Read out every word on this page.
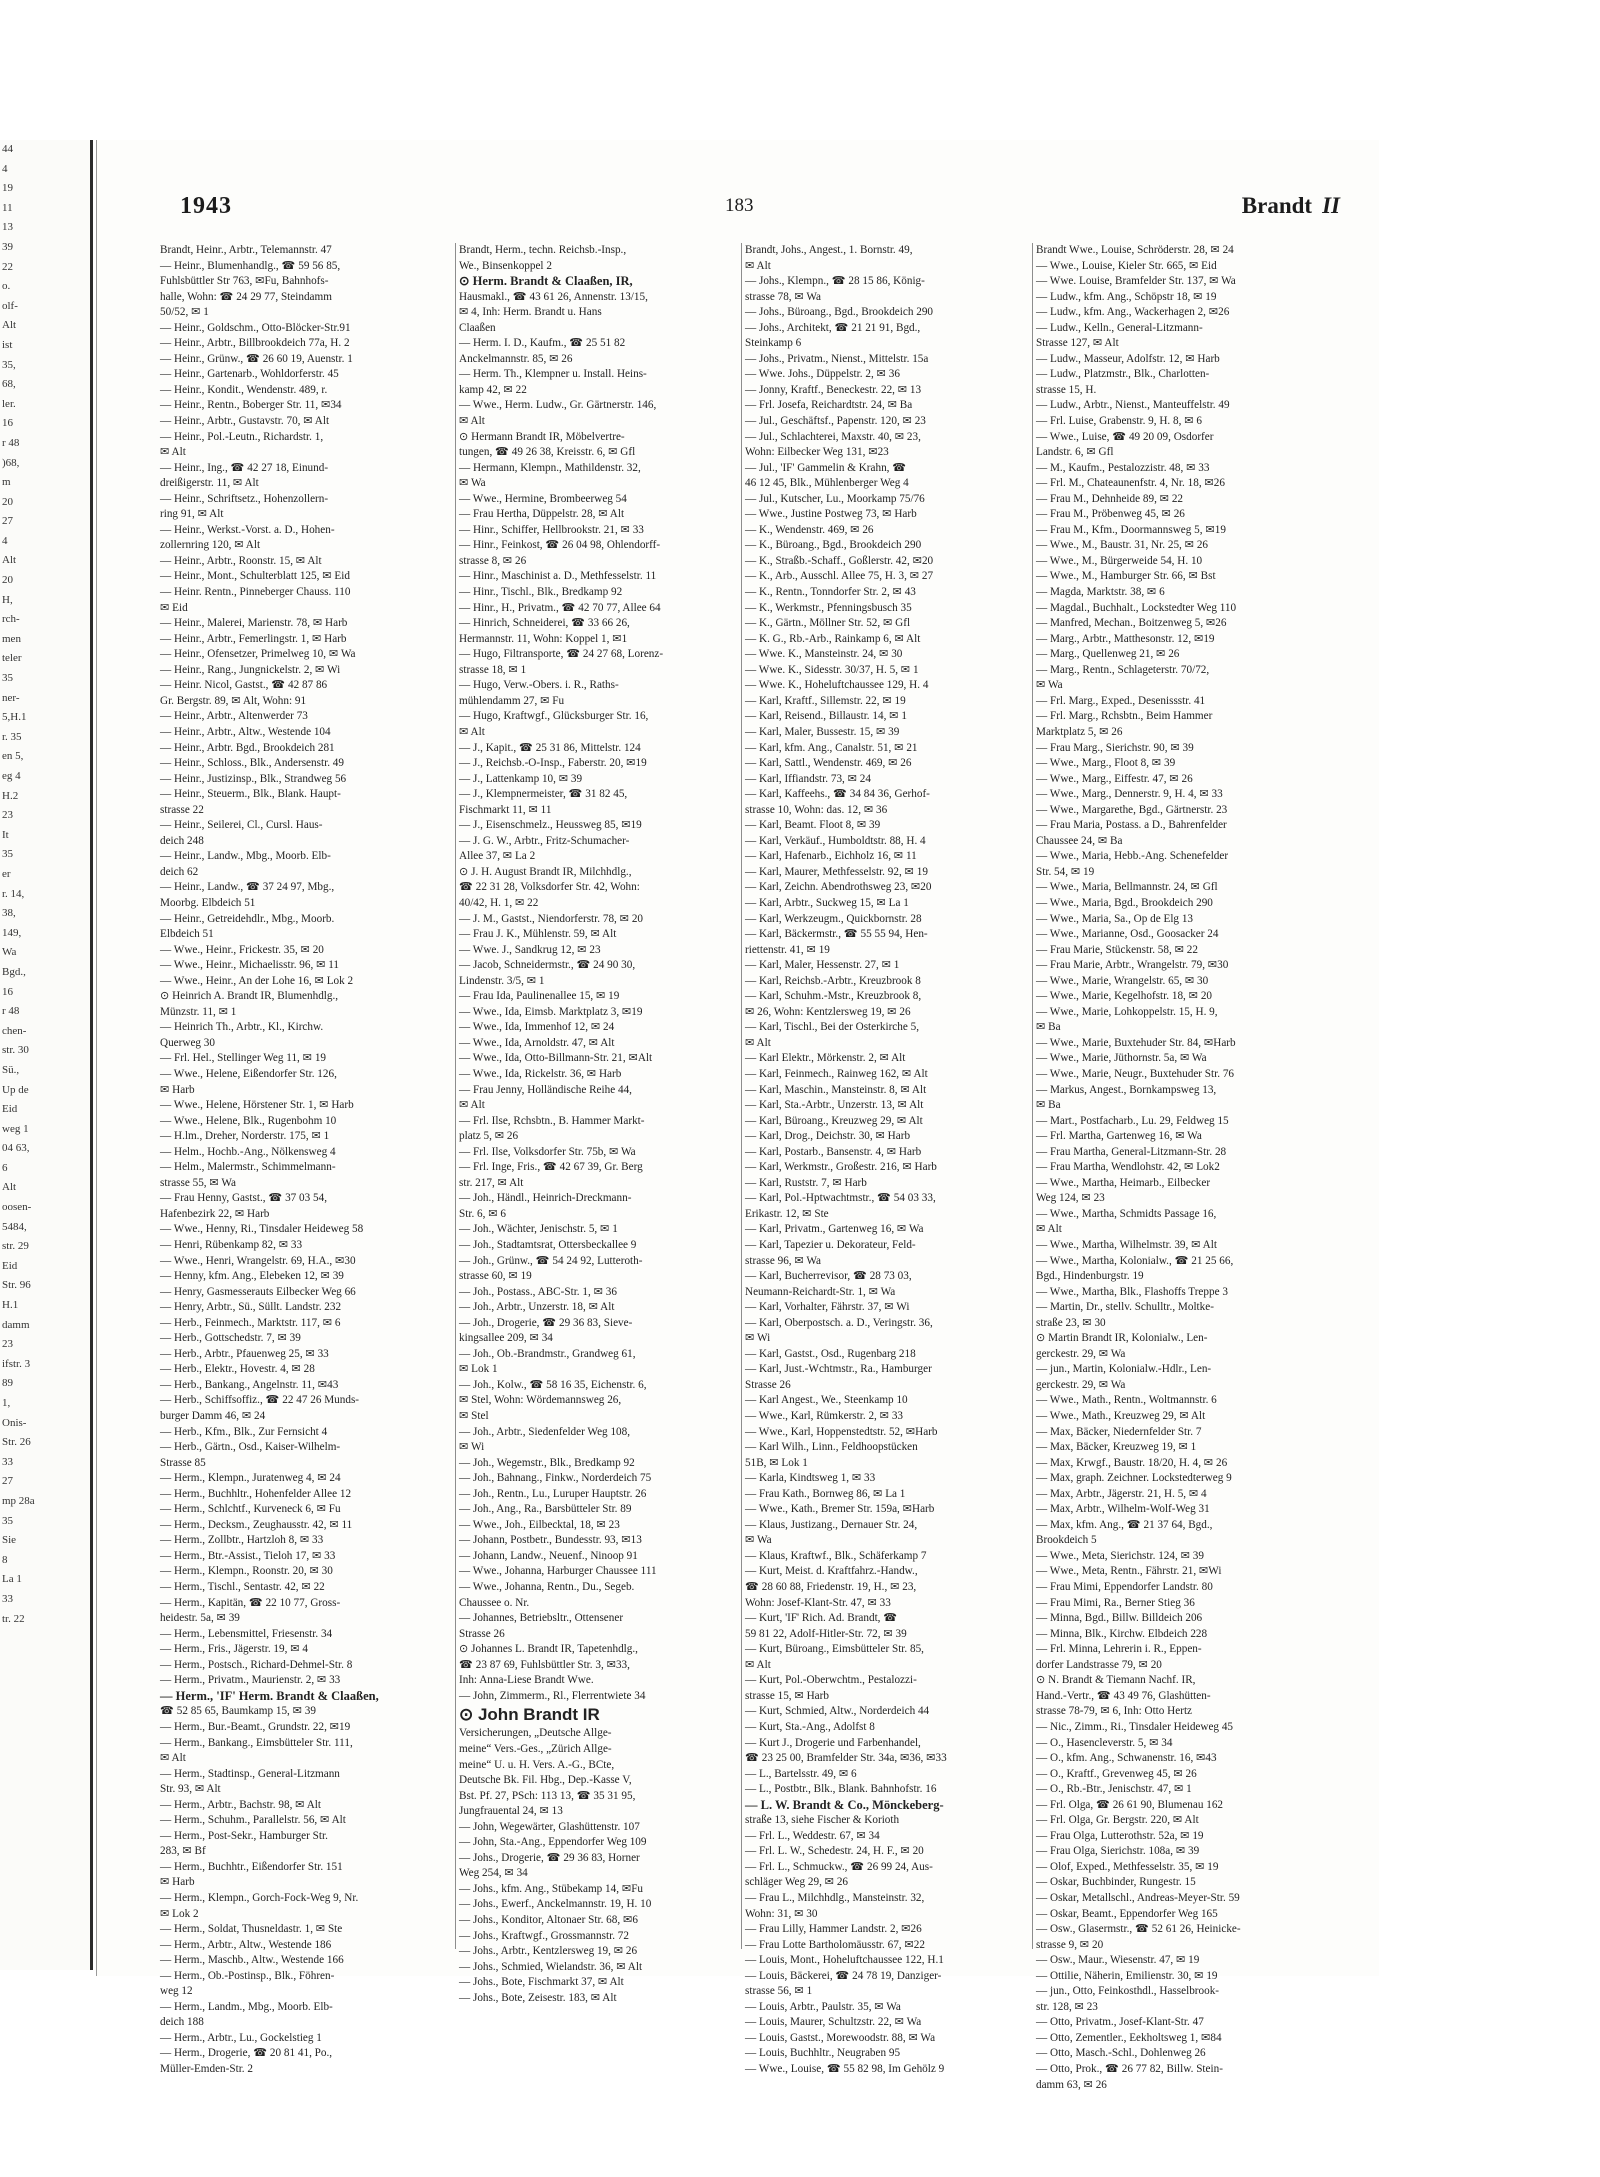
44
4
19
11
13
39
22
o.
olf-
Alt
ist
35,
68,
ler.
16
r 48
)68,
m
20
27
4
Alt
20
H,
rch-
men
teler
35
ner-
5,H.1
r. 35
en 5,
eg 4
H.2
23
It
35
er
r. 14,
38,
149,
Wa
Bgd.,
16
r 48
chen-
str. 30
Sü.,
Up de
Eid
weg 1
04 63,
6
Alt
oosen-
5484,
str. 29
Eid
Str. 96
H.1
damm
23
ifstr. 3
89
1,
Onis-
Str. 26
33
27
mp 28a
35
Sie
8
La 1
33
tr. 22
1943	183	Brandt II
Brandt, Heinr., Arbtr., Telemannstr. 47
— Heinr., Blumenhandlg., ☎ 59 56 85,
Fuhlsbüttler Str 763, ✉Fu, Bahnhofs-
halle, Wohn: ☎ 24 29 77, Steindamm
50/52, ✉ 1
— Heinr., Goldschm., Otto-Blöcker-Str.91
— Heinr., Arbtr., Billbrookdeich 77a, H. 2
— Heinr., Grünw., ☎ 26 60 19, Auenstr. 1
— Heinr., Gartenarb., Wohldorferstr. 45
— Heinr., Kondit., Wendenstr. 489, r.
— Heinr., Rentn., Boberger Str. 11, ✉34
— Heinr., Arbtr., Gustavstr. 70, ✉ Alt
— Heinr., Pol.-Leutn., Richardstr. 1,
✉ Alt
— Heinr., Ing., ☎ 42 27 18, Einund-
dreißigerstr. 11, ✉ Alt
— Heinr., Schriftsetz., Hohenzollern-
ring 91, ✉ Alt
— Heinr., Werkst.-Vorst. a. D., Hohen-
zollernring 120, ✉ Alt
— Heinr., Arbtr., Roonstr. 15, ✉ Alt
— Heinr., Mont., Schulterblatt 125, ✉ Eid
— Heinr. Rentn., Pinneberger Chauss. 110
✉ Eid
— Heinr., Malerei, Marienstr. 78, ✉ Harb
— Heinr., Arbtr., Femerlingstr. 1, ✉ Harb
— Heinr., Ofensetzer, Primelweg 10, ✉ Wa
— Heinr., Rang., Jungnickelstr. 2, ✉ Wi
— Heinr. Nicol, Gastst., ☎ 42 87 86
Gr. Bergstr. 89, ✉ Alt, Wohn: 91
— Heinr., Arbtr., Altenwerder 73
— Heinr., Arbtr., Altw., Westende 104
— Heinr., Arbtr. Bgd., Brookdeich 281
— Heinr., Schloss., Blk., Andersenstr. 49
— Heinr., Justizinsp., Blk., Strandweg 56
— Heinr., Steuerm., Blk., Blank. Haupt-
strasse 22
— Heinr., Seilerei, Cl., Cursl. Haus-
deich 248
— Heinr., Landw., Mbg., Moorb. Elb-
deich 62
— Heinr., Landw., ☎ 37 24 97, Mbg.,
Moorbg. Elbdeich 51
— Heinr., Getreidehdlr., Mbg., Moorb.
Elbdeich 51
— Wwe., Heinr., Frickestr. 35, ✉ 20
— Wwe., Heinr., Michaelisstr. 96, ✉ 11
— Wwe., Heinr., An der Lohe 16, ✉ Lok 2
⊙ Heinrich A. Brandt IR, Blumenhdlg.,
Münzstr. 11, ✉ 1
— Heinrich Th., Arbtr., Kl., Kirchw.
Querweg 30
— Frl. Hel., Stellinger Weg 11, ✉ 19
— Wwe., Helene, Eißendorfer Str. 126,
✉ Harb
— Wwe., Helene, Hörstener Str. 1, ✉ Harb
— Wwe., Helene, Blk., Rugenbohm 10
— H.lm., Dreher, Norderstr. 175, ✉ 1
— Helm., Hochb.-Ang., Nölkensweg 4
— Helm., Malermstr., Schimmelmann-
strasse 55, ✉ Wa
— Frau Henny, Gastst., ☎ 37 03 54,
Hafenbezirk 22, ✉ Harb
— Wwe., Henny, Ri., Tinsdaler Heideweg 58
— Henri, Rübenkamp 82, ✉ 33
— Wwe., Henri, Wrangelstr. 69, H.A., ✉30
— Henny, kfm. Ang., Elebeken 12, ✉ 39
— Henry, Gasmesserauts Eilbecker Weg 66
— Henry, Arbtr., Sü., Süllt. Landstr. 232
— Herb., Feinmech., Marktstr. 117, ✉ 6
— Herb., Gottschedstr. 7, ✉ 39
— Herb., Arbtr., Pfauenweg 25, ✉ 33
— Herb., Elektr., Hovestr. 4, ✉ 28
— Herb., Bankang., Angelnstr. 11, ✉43
— Herb., Schiffsoffiz., ☎ 22 47 26 Munds-
burger Damm 46, ✉ 24
— Herb., Kfm., Blk., Zur Fernsicht 4
— Herb., Gärtn., Osd., Kaiser-Wilhelm-
Strasse 85
— Herm., Klempn., Juratenweg 4, ✉ 24
— Herm., Buchhltr., Hohenfelder Allee 12
— Herm., Schlchtf., Kurveneck 6, ✉ Fu
— Herm., Decksm., Zeughausstr. 42, ✉ 11
— Herm., Zollbtr., Hartzloh 8, ✉ 33
— Herm., Btr.-Assist., Tieloh 17, ✉ 33
— Herm., Klempn., Roonstr. 20, ✉ 30
— Herm., Tischl., Sentastr. 42, ✉ 22
— Herm., Kapitän, ☎ 22 10 77, Gross-
heidestr. 5a, ✉ 39
— Herm., Lebensmittel, Friesenstr. 34
— Herm., Fris., Jägerstr. 19, ✉ 4
— Herm., Postsch., Richard-Dehmel-Str. 8
— Herm., Privatm., Maurienstr. 2, ✉ 33
— Herm., 'IF' Herm. Brandt & Claaßen,
☎ 52 85 65, Baumkamp 15, ✉ 39
— Herm., Bur.-Beamt., Grundstr. 22, ✉19
— Herm., Bankang., Eimsbütteler Str. 111,
✉ Alt
— Herm., Stadtinsp., General-Litzmann
Str. 93, ✉ Alt
— Herm., Arbtr., Bachstr. 98, ✉ Alt
— Herm., Schuhm., Parallelstr. 56, ✉ Alt
— Herm., Post-Sekr., Hamburger Str.
283, ✉ Bf
— Herm., Buchhtr., Eißendorfer Str. 151
✉ Harb
— Herm., Klempn., Gorch-Fock-Weg 9, Nr.
✉ Lok 2
— Herm., Soldat, Thusneldastr. 1, ✉ Ste
— Herm., Arbtr., Altw., Westende 186
— Herm., Maschb., Altw., Westende 166
— Herm., Ob.-Postinsp., Blk., Föhren-
weg 12
— Herm., Landm., Mbg., Moorb. Elb-
deich 188
— Herm., Arbtr., Lu., Gockelstieg 1
— Herm., Drogerie, ☎ 20 81 41, Po.,
Müller-Emden-Str. 2
Brandt, Herm., techn. Reichsb.-Insp.,
We., Binsenkoppel 2
⊙ Herm. Brandt & Claaßen, IR,
Hausmakl., ☎ 43 61 26, Annenstr. 13/15,
✉ 4, Inh: Herm. Brandt u. Hans
Claaßen
— Herm. I. D., Kaufm., ☎ 25 51 82
Anckelmannstr. 85, ✉ 26
— Herm. Th., Klempner u. Install. Heins-
kamp 42, ✉ 22
— Wwe., Herm. Ludw., Gr. Gärtnerstr. 146,
✉ Alt
⊙ Hermann Brandt IR, Möbelvertre-
tungen, ☎ 49 26 38, Kreisstr. 6, ✉ Gfl
— Hermann, Klempn., Mathildenstr. 32,
✉ Wa
— Wwe., Hermine, Brombeerweg 54
— Frau Hertha, Düppelstr. 28, ✉ Alt
— Hinr., Schiffer, Hellbrookstr. 21, ✉ 33
— Hinr., Feinkost, ☎ 26 04 98, Ohlendorff-
strasse 8, ✉ 26
— Hinr., Maschinist a. D., Methfesselstr. 11
— Hinr., Tischl., Blk., Bredkamp 92
— Hinr., H., Privatm., ☎ 42 70 77, Allee 64
— Hinrich, Schneiderei, ☎ 33 66 26,
Hermannstr. 11, Wohn: Koppel 1, ✉1
— Hugo, Filtransporte, ☎ 24 27 68, Lorenz-
strasse 18, ✉ 1
— Hugo, Verw.-Obers. i. R., Raths-
mühlendamm 27, ✉ Fu
— Hugo, Kraftwgf., Glücksburger Str. 16,
✉ Alt
— J., Kapit., ☎ 25 31 86, Mittelstr. 124
— J., Reichsb.-O-Insp., Faberstr. 20, ✉19
— J., Lattenkamp 10, ✉ 39
— J., Klempnermeister, ☎ 31 82 45,
Fischmarkt 11, ✉ 11
— J., Eisenschmelz., Heussweg 85, ✉19
— J. G. W., Arbtr., Fritz-Schumacher-
Allee 37, ✉ La 2
⊙ J. H. August Brandt IR, Milchhdlg.,
☎ 22 31 28, Volksdorfer Str. 42, Wohn:
40/42, H. 1, ✉ 22
— J. M., Gastst., Niendorferstr. 78, ✉ 20
— Frau J. K., Mühlenstr. 59, ✉ Alt
— Wwe. J., Sandkrug 12, ✉ 23
— Jacob, Schneidermstr., ☎ 24 90 30,
Lindenstr. 3/5, ✉ 1
— Frau Ida, Paulinenallee 15, ✉ 19
— Wwe., Ida, Eimsb. Marktplatz 3, ✉19
— Wwe., Ida, Immenhof 12, ✉ 24
— Wwe., Ida, Arnoldstr. 47, ✉ Alt
— Wwe., Ida, Otto-Billmann-Str. 21, ✉Alt
— Wwe., Ida, Rickelstr. 36, ✉ Harb
— Frau Jenny, Holländische Reihe 44,
✉ Alt
— Frl. Ilse, Rchsbtn., B. Hammer Markt-
platz 5, ✉ 26
— Frl. Ilse, Volksdorfer Str. 75b, ✉ Wa
— Frl. Inge, Fris., ☎ 42 67 39, Gr. Berg
str. 217, ✉ Alt
— Joh., Händl., Heinrich-Dreckmann-
Str. 6, ✉ 6
— Joh., Wächter, Jenischstr. 5, ✉ 1
— Joh., Stadtamtsrat, Ottersbeckallee 9
— Joh., Grünw., ☎ 54 24 92, Lutteroth-
strasse 60, ✉ 19
— Joh., Postass., ABC-Str. 1, ✉ 36
— Joh., Arbtr., Unzerstr. 18, ✉ Alt
— Joh., Drogerie, ☎ 29 36 83, Sieve-
kingsallee 209, ✉ 34
— Joh., Ob.-Brandmstr., Grandweg 61,
✉ Lok 1
— Joh., Kolw., ☎ 58 16 35, Eichenstr. 6,
✉ Stel, Wohn: Wördemannsweg 26,
✉ Stel
— Joh., Arbtr., Siedenfelder Weg 108,
✉ Wi
— Joh., Wegemstr., Blk., Bredkamp 92
— Joh., Bahnang., Finkw., Norderdeich 75
— Joh., Rentn., Lu., Luruper Hauptstr. 26
— Joh., Ang., Ra., Barsbütteler Str. 89
— Wwe., Joh., Eilbecktal, 18, ✉ 23
— Johann, Postbetr., Bundesstr. 93, ✉13
— Johann, Landw., Neuenf., Ninoop 91
— Wwe., Johanna, Harburger Chaussee 111
— Wwe., Johanna, Rentn., Du., Segeb.
Chaussee o. Nr.
— Johannes, Betriebsltr., Ottensener
Strasse 26
⊙ Johannes L. Brandt IR, Tapetenhdlg.,
☎ 23 87 69, Fuhlsbüttler Str. 3, ✉33,
Inh: Anna-Liese Brandt Wwe.
— John, Zimmerm., Rl., Flerrentwiete 34
⊙ John Brandt IR
Versicherungen, „Deutsche Allge-
meine“ Vers.-Ges., „Zürich Allge-
meine“ U. u. H. Vers. A.-G., BCte,
Deutsche Bk. Fil. Hbg., Dep.-Kasse V,
Bst. Pf. 27, PSch: 113 13, ☎ 35 31 95,
Jungfrauental 24, ✉ 13
— John, Wegewärter, Glashüttenstr. 107
— John, Sta.-Ang., Eppendorfer Weg 109
— Johs., Drogerie, ☎ 29 36 83, Horner
Weg 254, ✉ 34
— Johs., kfm. Ang., Stübekamp 14, ✉Fu
— Johs., Ewerf., Anckelmannstr. 19, H. 10
— Johs., Konditor, Altonaer Str. 68, ✉6
— Johs., Kraftwgf., Grossmannstr. 72
— Johs., Arbtr., Kentzlersweg 19, ✉ 26
— Johs., Schmied, Wielandstr. 36, ✉ Alt
— Johs., Bote, Fischmarkt 37, ✉ Alt
— Johs., Bote, Zeisestr. 183, ✉ Alt
Brandt, Johs., Angest., 1. Bornstr. 49,
✉ Alt
— Johs., Klempn., ☎ 28 15 86, König-
strasse 78, ✉ Wa
— Johs., Büroang., Bgd., Brookdeich 290
— Johs., Architekt, ☎ 21 21 91, Bgd.,
Steinkamp 6
— Johs., Privatm., Nienst., Mittelstr. 15a
— Wwe. Johs., Düppelstr. 2, ✉ 36
— Jonny, Kraftf., Beneckestr. 22, ✉ 13
— Frl. Josefa, Reichardtstr. 24, ✉ Ba
— Jul., Geschäftsf., Papenstr. 120, ✉ 23
— Jul., Schlachterei, Maxstr. 40, ✉ 23,
Wohn: Eilbecker Weg 131, ✉23
— Jul., 'IF' Gammelin & Krahn, ☎
46 12 45, Blk., Mühlenberger Weg 4
— Jul., Kutscher, Lu., Moorkamp 75/76
— Wwe., Justine Postweg 73, ✉ Harb
— K., Wendenstr. 469, ✉ 26
— K., Büroang., Bgd., Brookdeich 290
— K., Straßb.-Schaff., Goßlerstr. 42, ✉20
— K., Arb., Ausschl. Allee 75, H. 3, ✉ 27
— K., Rentn., Tonndorfer Str. 2, ✉ 43
— K., Werkmstr., Pfenningsbusch 35
— K., Gärtn., Möllner Str. 52, ✉ Gfl
— K. G., Rb.-Arb., Rainkamp 6, ✉ Alt
— Wwe. K., Mansteinstr. 24, ✉ 30
— Wwe. K., Sidesstr. 30/37, H. 5, ✉ 1
— Wwe. K., Hoheluftchaussee 129, H. 4
— Karl, Kraftf., Sillemstr. 22, ✉ 19
— Karl, Reisend., Billaustr. 14, ✉ 1
— Karl, Maler, Bussestr. 15, ✉ 39
— Karl, kfm. Ang., Canalstr. 51, ✉ 21
— Karl, Sattl., Wendenstr. 469, ✉ 26
— Karl, Iffiandstr. 73, ✉ 24
— Karl, Kaffeehs., ☎ 34 84 36, Gerhof-
strasse 10, Wohn: das. 12, ✉ 36
— Karl, Beamt. Floot 8, ✉ 39
— Karl, Verkäuf., Humboldtstr. 88, H. 4
— Karl, Hafenarb., Eichholz 16, ✉ 11
— Karl, Maurer, Methfesselstr. 92, ✉ 19
— Karl, Zeichn. Abendrothsweg 23, ✉20
— Karl, Arbtr., Suckweg 15, ✉ La 1
— Karl, Werkzeugm., Quickbornstr. 28
— Karl, Bäckermstr., ☎ 55 55 94, Hen-
riettenstr. 41, ✉ 19
— Karl, Maler, Hessenstr. 27, ✉ 1
— Karl, Reichsb.-Arbtr., Kreuzbrook 8
— Karl, Schuhm.-Mstr., Kreuzbrook 8,
✉ 26, Wohn: Kentzlersweg 19, ✉ 26
— Karl, Tischl., Bei der Osterkirche 5,
✉ Alt
— Karl Elektr., Mörkenstr. 2, ✉ Alt
— Karl, Feinmech., Rainweg 162, ✉ Alt
— Karl, Maschin., Mansteinstr. 8, ✉ Alt
— Karl, Sta.-Arbtr., Unzerstr. 13, ✉ Alt
— Karl, Büroang., Kreuzweg 29, ✉ Alt
— Karl, Drog., Deichstr. 30, ✉ Harb
— Karl, Postarb., Bansenstr. 4, ✉ Harb
— Karl, Werkmstr., Großestr. 216, ✉ Harb
— Karl, Ruststr. 7, ✉ Harb
— Karl, Pol.-Hptwachtmstr., ☎ 54 03 33,
Erikastr. 12, ✉ Ste
— Karl, Privatm., Gartenweg 16, ✉ Wa
— Karl, Tapezier u. Dekorateur, Feld-
strasse 96, ✉ Wa
— Karl, Bucherrevisor, ☎ 28 73 03,
Neumann-Reichardt-Str. 1, ✉ Wa
— Karl, Vorhalter, Fährstr. 37, ✉ Wi
— Karl, Oberpostsch. a. D., Veringstr. 36,
✉ Wi
— Karl, Gastst., Osd., Rugenbarg 218
— Karl, Just.-Wchtmstr., Ra., Hamburger
Strasse 26
— Karl Angest., We., Steenkamp 10
— Wwe., Karl, Rümkerstr. 2, ✉ 33
— Wwe., Karl, Hoppenstedtstr. 52, ✉Harb
— Karl Wilh., Linn., Feldhoopstücken
51B, ✉ Lok 1
— Karla, Kindtsweg 1, ✉ 33
— Frau Kath., Bornweg 86, ✉ La 1
— Wwe., Kath., Bremer Str. 159a, ✉Harb
— Klaus, Justizang., Dernauer Str. 24,
✉ Wa
— Klaus, Kraftwf., Blk., Schäferkamp 7
— Kurt, Meist. d. Kraftfahrz.-Handw.,
☎ 28 60 88, Friedenstr. 19, H., ✉ 23,
Wohn: Josef-Klant-Str. 47, ✉ 33
— Kurt, 'IF' Rich. Ad. Brandt, ☎
59 81 22, Adolf-Hitler-Str. 72, ✉ 39
— Kurt, Büroang., Eimsbütteler Str. 85,
✉ Alt
— Kurt, Pol.-Oberwchtm., Pestalozzi-
strasse 15, ✉ Harb
— Kurt, Schmied, Altw., Norderdeich 44
— Kurt, Sta.-Ang., Adolfst 8
— Kurt J., Drogerie und Farbenhandel,
☎ 23 25 00, Bramfelder Str. 34a, ✉36, ✉33
— L., Bartelsstr. 49, ✉ 6
— L., Postbtr., Blk., Blank. Bahnhofstr. 16
— L. W. Brandt & Co., Mönckeberg-
straße 13, siehe Fischer & Korioth
— Frl. L., Weddestr. 67, ✉ 34
— Frl. L. W., Schedestr. 24, H. F., ✉ 20
— Frl. L., Schmuckw., ☎ 26 99 24, Aus-
schläger Weg 29, ✉ 26
— Frau L., Milchhdlg., Mansteinstr. 32,
Wohn: 31, ✉ 30
— Frau Lilly, Hammer Landstr. 2, ✉26
— Frau Lotte Bartholomäusstr. 67, ✉22
— Louis, Mont., Hoheluftchaussee 122, H.1
— Louis, Bäckerei, ☎ 24 78 19, Danziger-
strasse 56, ✉ 1
— Louis, Arbtr., Paulstr. 35, ✉ Wa
— Louis, Maurer, Schultzstr. 22, ✉ Wa
— Louis, Gastst., Morewoodstr. 88, ✉ Wa
— Louis, Buchhltr., Neugraben 95
— Wwe., Louise, ☎ 55 82 98, Im Gehölz 9
Brandt Wwe., Louise, Schröderstr. 28, ✉ 24
— Wwe., Louise, Kieler Str. 665, ✉ Eid
— Wwe. Louise, Bramfelder Str. 137, ✉ Wa
— Ludw., kfm. Ang., Schöpstr 18, ✉ 19
— Ludw., kfm. Ang., Wackerhagen 2, ✉26
— Ludw., Kelln., General-Litzmann-
Strasse 127, ✉ Alt
— Ludw., Masseur, Adolfstr. 12, ✉ Harb
— Ludw., Platzmstr., Blk., Charlotten-
strasse 15, H.
— Ludw., Arbtr., Nienst., Manteuffelstr. 49
— Frl. Luise, Grabenstr. 9, H. 8, ✉ 6
— Wwe., Luise, ☎ 49 20 09, Osdorfer
Landstr. 6, ✉ Gfl
— M., Kaufm., Pestalozzistr. 48, ✉ 33
— Frl. M., Chateaunenfstr. 4, Nr. 18, ✉26
— Frau M., Dehnheide 89, ✉ 22
— Frau M., Pröbenweg 45, ✉ 26
— Frau M., Kfm., Doormannsweg 5, ✉19
— Wwe., M., Baustr. 31, Nr. 25, ✉ 26
— Wwe., M., Bürgerweide 54, H. 10
— Wwe., M., Hamburger Str. 66, ✉ Bst
— Magda, Marktstr. 38, ✉ 6
— Magdal., Buchhalt., Lockstedter Weg 110
— Manfred, Mechan., Boitzenweg 5, ✉26
— Marg., Arbtr., Matthesonstr. 12, ✉19
— Marg., Quellenweg 21, ✉ 26
— Marg., Rentn., Schlageterstr. 70/72,
✉ Wa
— Frl. Marg., Exped., Desenissstr. 41
— Frl. Marg., Rchsbtn., Beim Hammer
Marktplatz 5, ✉ 26
— Frau Marg., Sierichstr. 90, ✉ 39
— Wwe., Marg., Floot 8, ✉ 39
— Wwe., Marg., Eiffestr. 47, ✉ 26
— Wwe., Marg., Dennerstr. 9, H. 4, ✉ 33
— Wwe., Margarethe, Bgd., Gärtnerstr. 23
— Frau Maria, Postass. a D., Bahrenfelder
Chaussee 24, ✉ Ba
— Wwe., Maria, Hebb.-Ang. Schenefelder
Str. 54, ✉ 19
— Wwe., Maria, Bellmannstr. 24, ✉ Gfl
— Wwe., Maria, Bgd., Brookdeich 290
— Wwe., Maria, Sa., Op de Elg 13
— Wwe., Marianne, Osd., Goosacker 24
— Frau Marie, Stückenstr. 58, ✉ 22
— Frau Marie, Arbtr., Wrangelstr. 79, ✉30
— Wwe., Marie, Wrangelstr. 65, ✉ 30
— Wwe., Marie, Kegelhofstr. 18, ✉ 20
— Wwe., Marie, Lohkoppelstr. 15, H. 9,
✉ Ba
— Wwe., Marie, Buxtehuder Str. 84, ✉Harb
— Wwe., Marie, Jüthornstr. 5a, ✉ Wa
— Wwe., Marie, Neugr., Buxtehuder Str. 76
— Markus, Angest., Bornkampsweg 13,
✉ Ba
— Mart., Postfacharb., Lu. 29, Feldweg 15
— Frl. Martha, Gartenweg 16, ✉ Wa
— Frau Martha, General-Litzmann-Str. 28
— Frau Martha, Wendlohstr. 42, ✉ Lok2
— Wwe., Martha, Heimarb., Eilbecker
Weg 124, ✉ 23
— Wwe., Martha, Schmidts Passage 16,
✉ Alt
— Wwe., Martha, Wilhelmstr. 39, ✉ Alt
— Wwe., Martha, Kolonialw., ☎ 21 25 66,
Bgd., Hindenburgstr. 19
— Wwe., Martha, Blk., Flashoffs Treppe 3
— Martin, Dr., stellv. Schulltr., Moltke-
straße 23, ✉ 30
⊙ Martin Brandt IR, Kolonialw., Len-
gerckestr. 29, ✉ Wa
— jun., Martin, Kolonialw.-Hdlr., Len-
gerckestr. 29, ✉ Wa
— Wwe., Math., Rentn., Woltmannstr. 6
— Wwe., Math., Kreuzweg 29, ✉ Alt
— Max, Bäcker, Niedernfelder Str. 7
— Max, Bäcker, Kreuzweg 19, ✉ 1
— Max, Krwgf., Baustr. 18/20, H. 4, ✉ 26
— Max, graph. Zeichner. Lockstedterweg 9
— Max, Arbtr., Jägerstr. 21, H. 5, ✉ 4
— Max, Arbtr., Wilhelm-Wolf-Weg 31
— Max, kfm. Ang., ☎ 21 37 64, Bgd.,
Brookdeich 5
— Wwe., Meta, Sierichstr. 124, ✉ 39
— Wwe., Meta, Rentn., Fährstr. 21, ✉Wi
— Frau Mimi, Eppendorfer Landstr. 80
— Frau Mimi, Ra., Berner Stieg 36
— Minna, Bgd., Billw. Billdeich 206
— Minna, Blk., Kirchw. Elbdeich 228
— Frl. Minna, Lehrerin i. R., Eppen-
dorfer Landstrasse 79, ✉ 20
⊙ N. Brandt & Tiemann Nachf. IR,
Hand.-Vertr., ☎ 43 49 76, Glashütten-
strasse 78-79, ✉ 6, Inh: Otto Hertz
— Nic., Zimm., Ri., Tinsdaler Heideweg 45
— O., Hasencleverstr. 5, ✉ 34
— O., kfm. Ang., Schwanenstr. 16, ✉43
— O., Kraftf., Grevenweg 45, ✉ 26
— O., Rb.-Btr., Jenischstr. 47, ✉ 1
— Frl. Olga, ☎ 26 61 90, Blumenau 162
— Frl. Olga, Gr. Bergstr. 220, ✉ Alt
— Frau Olga, Lutterothstr. 52a, ✉ 19
— Frau Olga, Sierichstr. 108a, ✉ 39
— Olof, Exped., Methfesselstr. 35, ✉ 19
— Oskar, Buchbinder, Rungestr. 15
— Oskar, Metallschl., Andreas-Meyer-Str. 59
— Oskar, Beamt., Eppendorfer Weg 165
— Osw., Glasermstr., ☎ 52 61 26, Heinicke-
strasse 9, ✉ 20
— Osw., Maur., Wiesenstr. 47, ✉ 19
— Ottilie, Näherin, Emilienstr. 30, ✉ 19
— jun., Otto, Feinkosthdl., Hasselbrook-
str. 128, ✉ 23
— Otto, Privatm., Josef-Klant-Str. 47
— Otto, Zementler., Eekholtsweg 1, ✉84
— Otto, Masch.-Schl., Dohlenweg 26
— Otto, Prok., ☎ 26 77 82, Billw. Stein-
damm 63, ✉ 26
